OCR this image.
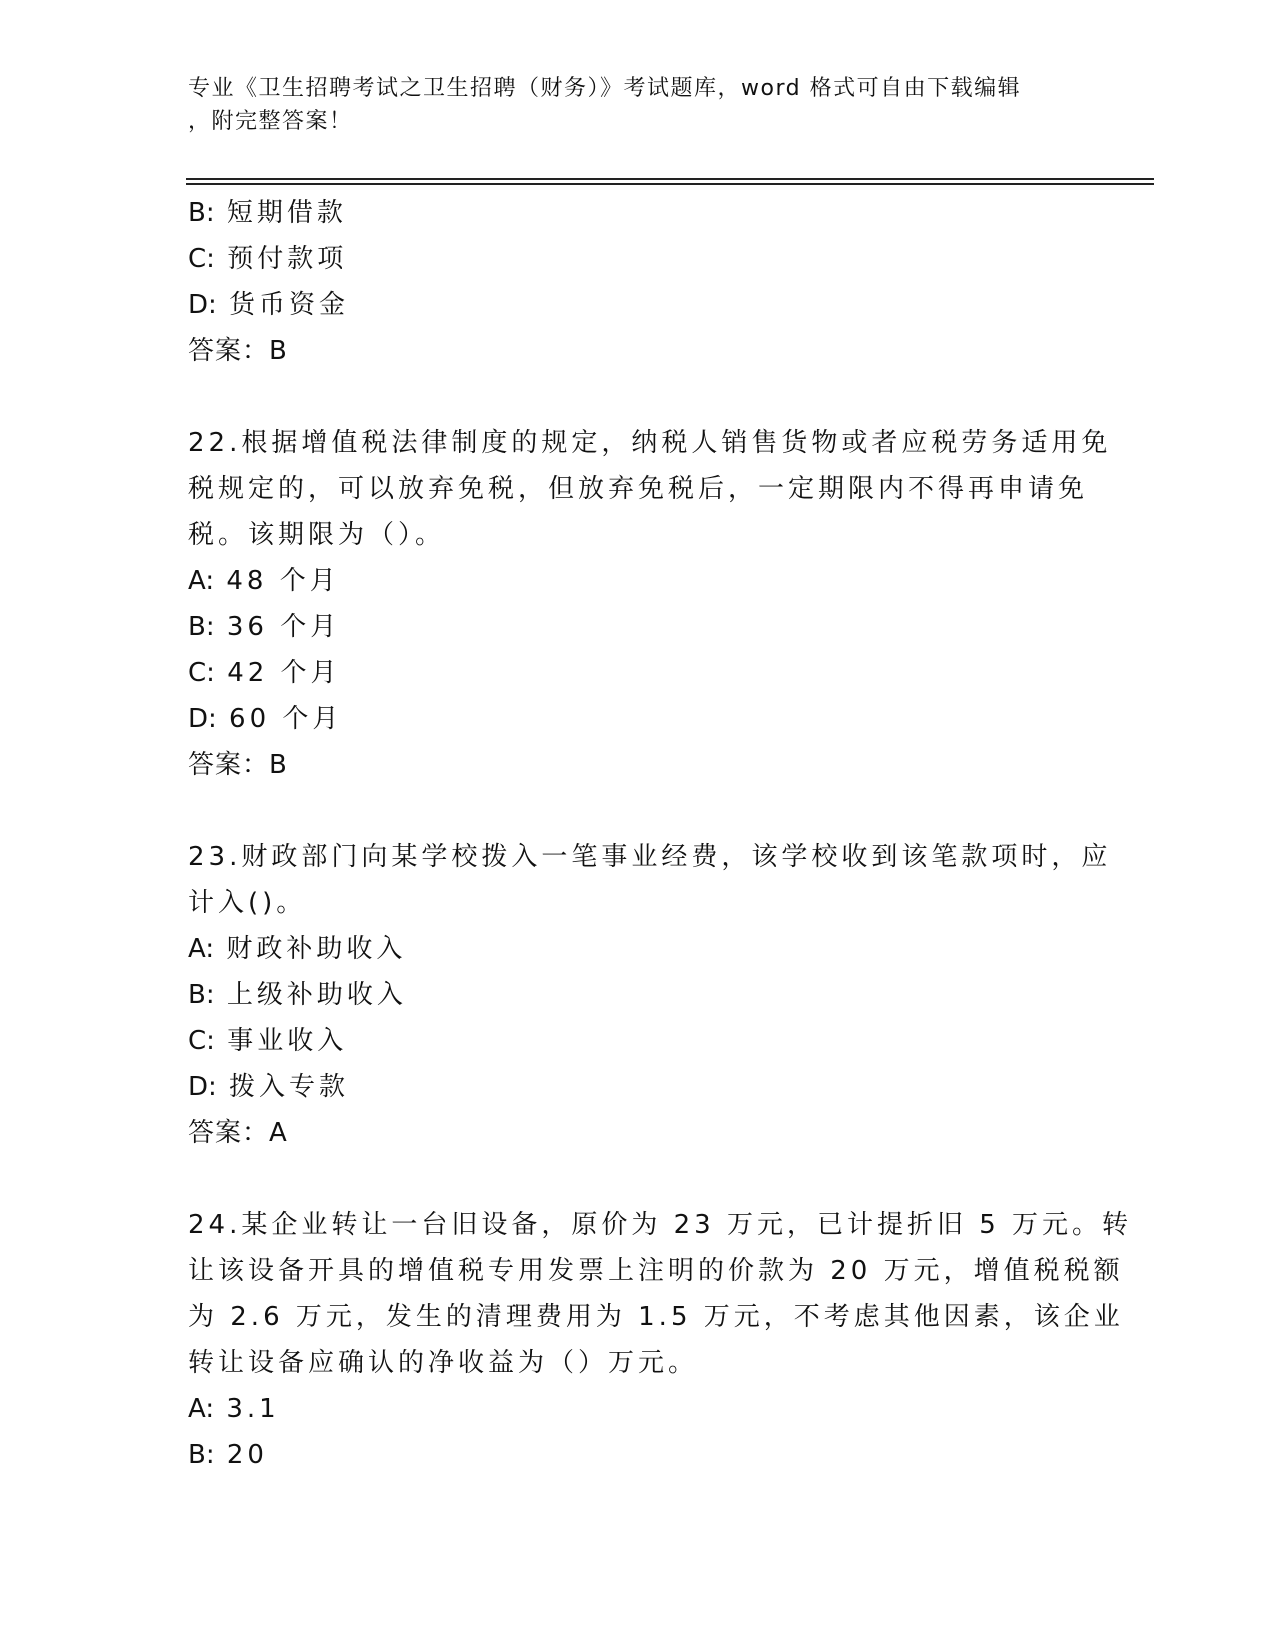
专业《卫生招聘考试之卫生招聘（财务）》考试题库，word 格式可自由下载编辑
，附完整答案！
B: 短期借款
C: 预付款项
D: 货币资金
答案：B
22.根据增值税法律制度的规定，纳税人销售货物或者应税劳务适用免
税规定的，可以放弃免税，但放弃免税后，一定期限内不得再申请免
税。该期限为（）。
A: 48 个月
B: 36 个月
C: 42 个月
D: 60 个月
答案：B
23.财政部门向某学校拨入一笔事业经费，该学校收到该笔款项时，应
计入()。
A: 财政补助收入
B: 上级补助收入
C: 事业收入
D: 拨入专款
答案：A
24.某企业转让一台旧设备，原价为 23 万元，已计提折旧 5 万元。转
让该设备开具的增值税专用发票上注明的价款为 20 万元，增值税税额
为 2.6 万元，发生的清理费用为 1.5 万元，不考虑其他因素，该企业
转让设备应确认的净收益为（）万元。
A: 3.1
B: 20
